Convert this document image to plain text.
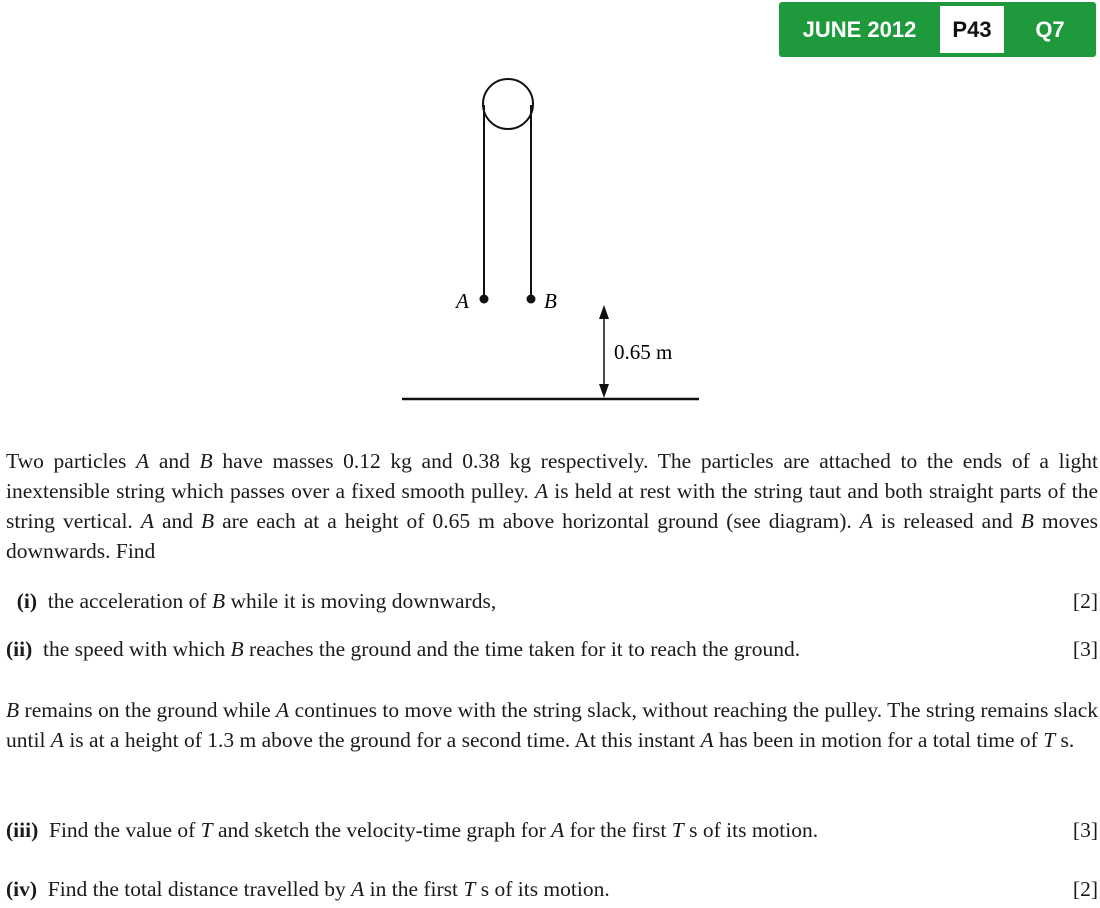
JUNE 2012	P43	Q7
A	B
0.65 m

Two particles A and B have masses 0.12 kg and 0.38 kg respectively. The particles are attached to the ends of a light inextensible string which passes over a fixed smooth pulley. A is held at rest with the string taut and both straight parts of the string vertical. A and B are each at a height of 0.65 m above horizontal ground (see diagram). A is released and B moves downwards. Find

(i) the acceleration of B while it is moving downwards,	[2]
(ii) the speed with which B reaches the ground and the time taken for it to reach the ground.	[3]

B remains on the ground while A continues to move with the string slack, without reaching the pulley. The string remains slack until A is at a height of 1.3 m above the ground for a second time. At this instant A has been in motion for a total time of T s.

(iii) Find the value of T and sketch the velocity-time graph for A for the first T s of its motion.	[3]
(iv) Find the total distance travelled by A in the first T s of its motion.	[2]
